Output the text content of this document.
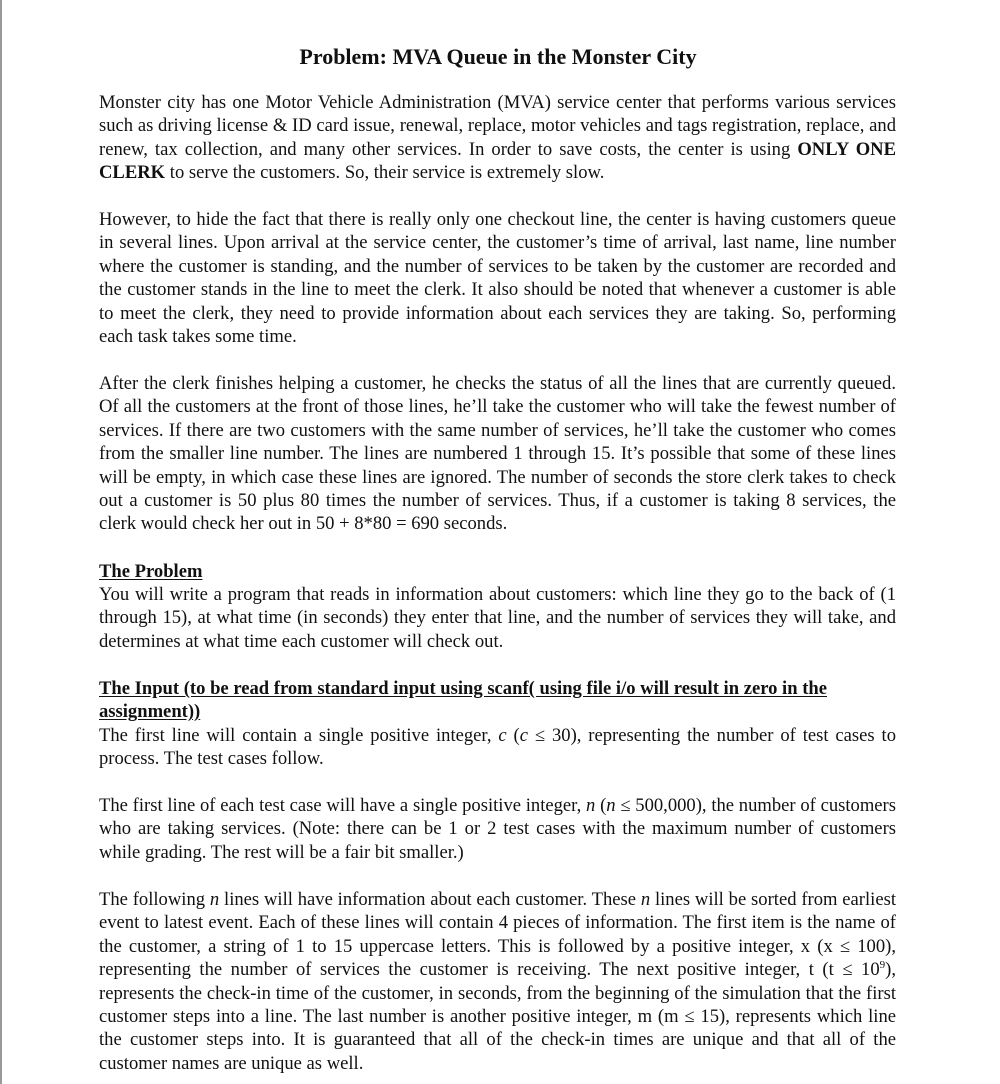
Problem: MVA Queue in the Monster City
Monster city has one Motor Vehicle Administration (MVA) service center that performs various services such as driving license & ID card issue, renewal, replace, motor vehicles and tags registration, replace, and renew, tax collection, and many other services. In order to save costs, the center is using ONLY ONE CLERK to serve the customers. So, their service is extremely slow.
However, to hide the fact that there is really only one checkout line, the center is having customers queue in several lines. Upon arrival at the service center, the customer’s time of arrival, last name, line number where the customer is standing, and the number of services to be taken by the customer are recorded and the customer stands in the line to meet the clerk. It also should be noted that whenever a customer is able to meet the clerk, they need to provide information about each services they are taking. So, performing each task takes some time.
After the clerk finishes helping a customer, he checks the status of all the lines that are currently queued. Of all the customers at the front of those lines, he’ll take the customer who will take the fewest number of services. If there are two customers with the same number of services, he’ll take the customer who comes from the smaller line number. The lines are numbered 1 through 15. It’s possible that some of these lines will be empty, in which case these lines are ignored. The number of seconds the store clerk takes to check out a customer is 50 plus 80 times the number of services. Thus, if a customer is taking 8 services, the clerk would check her out in 50 + 8*80 = 690 seconds.
The Problem
You will write a program that reads in information about customers: which line they go to the back of (1 through 15), at what time (in seconds) they enter that line, and the number of services they will take, and determines at what time each customer will check out.
The Input (to be read from standard input using scanf( using file i/o will result in zero in the assignment))
The first line will contain a single positive integer, c (c ≤ 30), representing the number of test cases to process. The test cases follow.
The first line of each test case will have a single positive integer, n (n ≤ 500,000), the number of customers who are taking services. (Note: there can be 1 or 2 test cases with the maximum number of customers while grading. The rest will be a fair bit smaller.)
The following n lines will have information about each customer. These n lines will be sorted from earliest event to latest event. Each of these lines will contain 4 pieces of information. The first item is the name of the customer, a string of 1 to 15 uppercase letters. This is followed by a positive integer, x (x ≤ 100), representing the number of services the customer is receiving. The next positive integer, t $(t \le 10^9)$, represents the check-in time of the customer, in seconds, from the beginning of the simulation that the first customer steps into a line. The last number is another positive integer, m (m ≤ 15), represents which line the customer steps into. It is guaranteed that all of the check-in times are unique and that all of the customer names are unique as well.
